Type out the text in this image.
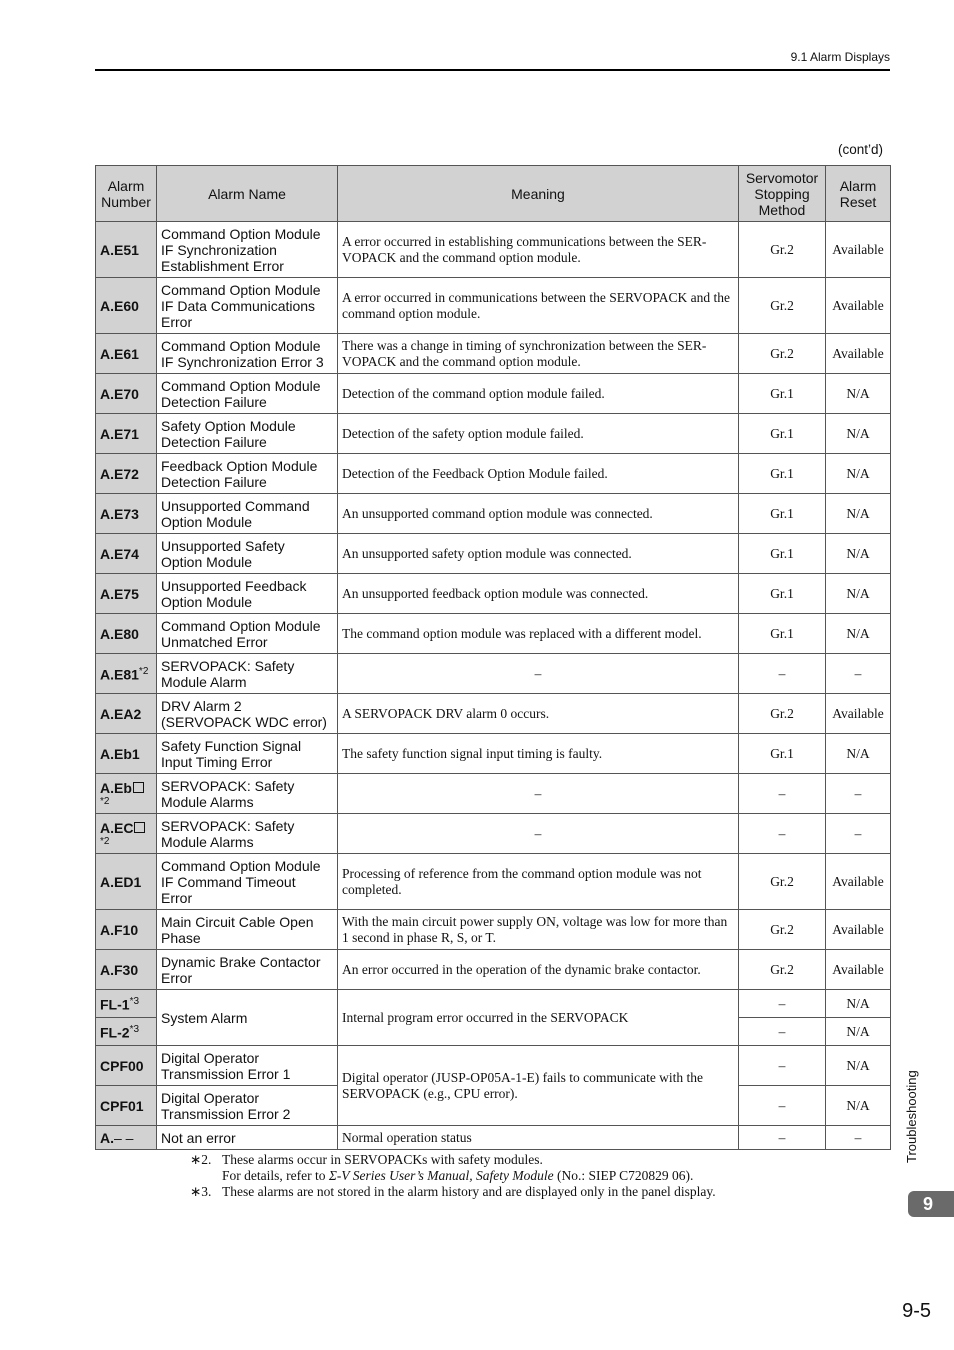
9.1 Alarm Displays
(cont’d)
Alarm
Number	Alarm Name	Meaning	Servomotor
Stopping
Method	Alarm
Reset
A.E51	Command Option Module
IF Synchronization
Establishment Error	A error occurred in establishing communications between the SER-VOPACK and the command option module.	Gr.2	Available
A.E60	Command Option Module
IF Data Communications
Error	A error occurred in communications between the SERVOPACK and the command option module.	Gr.2	Available
A.E61	Command Option Module
IF Synchronization Error 3	There was a change in timing of synchronization between the SER-VOPACK and the command option module.	Gr.2	Available
A.E70	Command Option Module
Detection Failure	Detection of the command option module failed.	Gr.1	N/A
A.E71	Safety Option Module
Detection Failure	Detection of the safety option module failed.	Gr.1	N/A
A.E72	Feedback Option Module
Detection Failure	Detection of the Feedback Option Module failed.	Gr.1	N/A
A.E73	Unsupported Command
Option Module	An unsupported command option module was connected.	Gr.1	N/A
A.E74	Unsupported Safety
Option Module	An unsupported safety option module was connected.	Gr.1	N/A
A.E75	Unsupported Feedback
Option Module	An unsupported feedback option module was connected.	Gr.1	N/A
A.E80	Command Option Module
Unmatched Error	The command option module was replaced with a different model.	Gr.1	N/A
A.E81$^{*2}$	SERVOPACK: Safety
Module Alarm	–	–	–
A.EA2	DRV Alarm 2
(SERVOPACK WDC error)	A SERVOPACK DRV alarm 0 occurs.	Gr.2	Available
A.Eb1	Safety Function Signal
Input Timing Error	The safety function signal input timing is faulty.	Gr.1	N/A
A.Eb
*2	SERVOPACK: Safety
Module Alarms	–	–	–
A.EC
*2	SERVOPACK: Safety
Module Alarms	–	–	–
A.ED1	Command Option Module
IF Command Timeout
Error	Processing of reference from the command option module was not completed.	Gr.2	Available
A.F10	Main Circuit Cable Open
Phase	With the main circuit power supply ON, voltage was low for more than 1 second in phase R, S, or T.	Gr.2	Available
A.F30	Dynamic Brake Contactor
Error	An error occurred in the operation of the dynamic brake contactor.	Gr.2	Available
FL-1$^{*3}$	System Alarm	Internal program error occurred in the SERVOPACK	–	N/A
FL-2$^{*3}$			–	N/A
CPF00	Digital Operator
Transmission Error 1	Digital operator (JUSP-OP05A-1-E) fails to communicate with the SERVOPACK (e.g., CPU error).	–	N/A
CPF01	Digital Operator
Transmission Error 2		–	N/A
A.– –	Not an error	Normal operation status	–	–
∗2. These alarms occur in SERVOPACKs with safety modules.
For details, refer to Σ-V Series User’s Manual, Safety Module (No.: SIEP C720829 06).
∗3. These alarms are not stored in the alarm history and are displayed only in the panel display.
Troubleshooting
9
9-5
